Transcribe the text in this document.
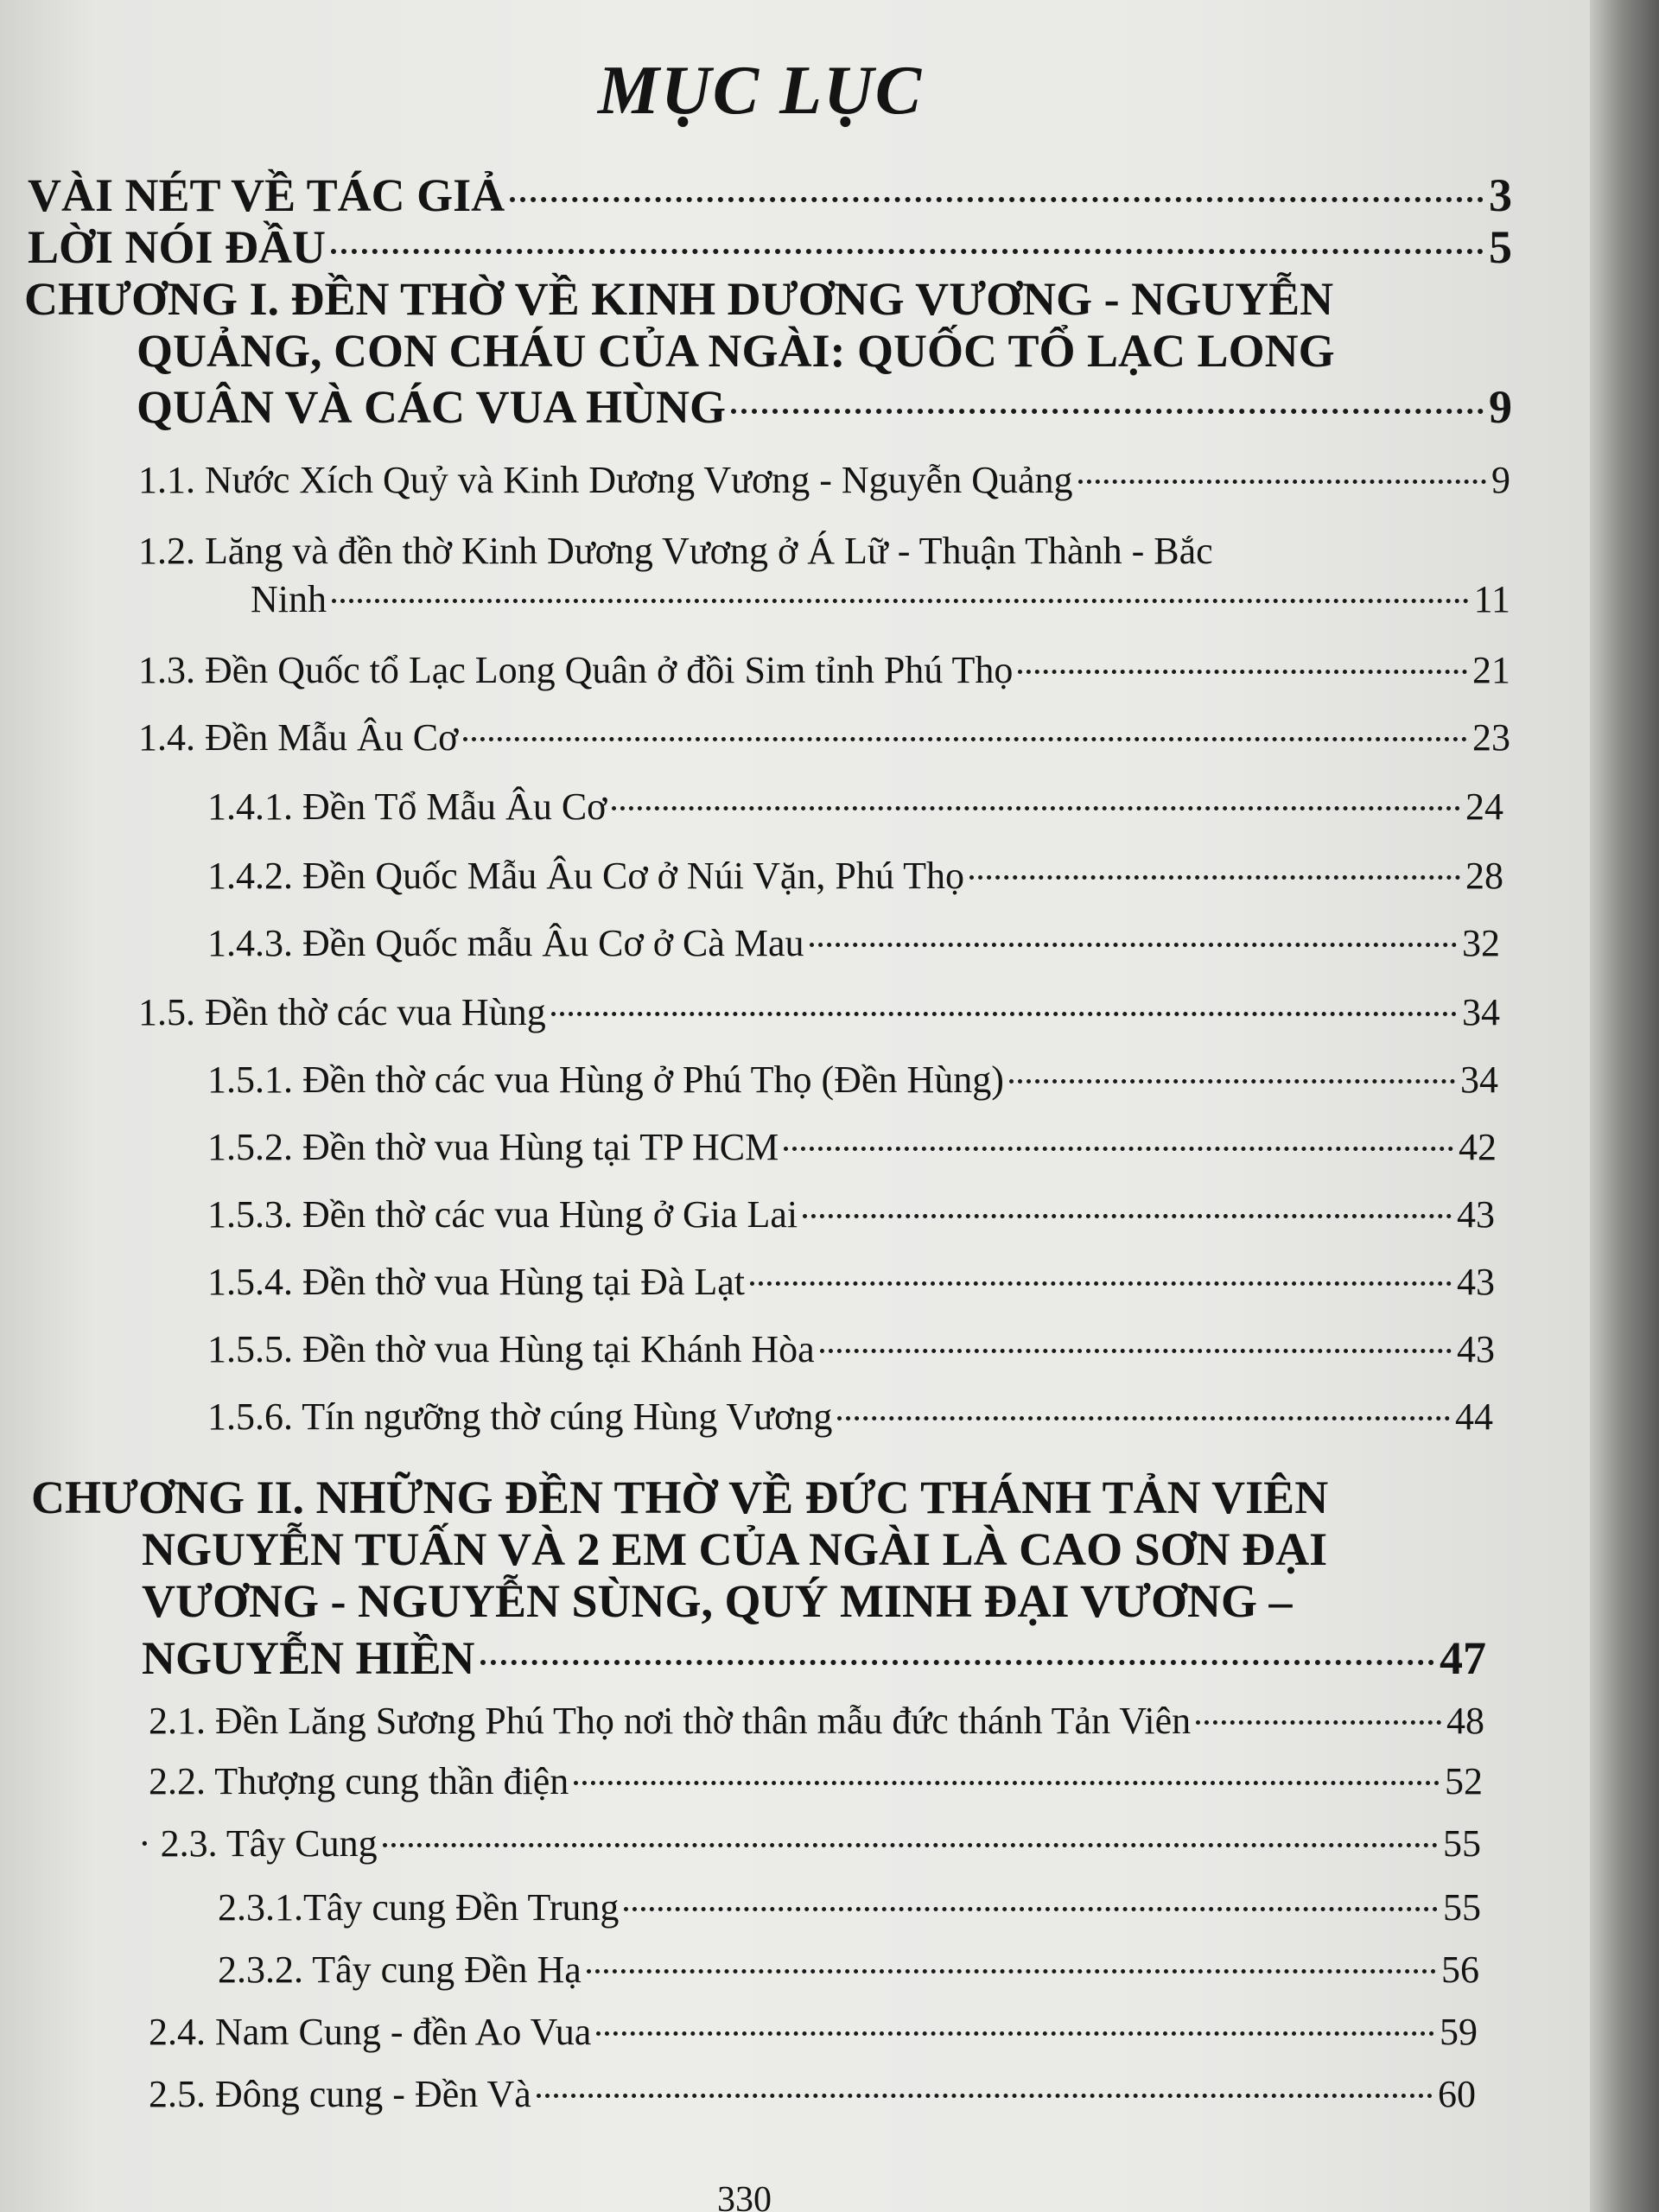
MỤC LỤC
VÀI NÉT VỀ TÁC GIẢ	3
LỜI NÓI ĐẦU	5
CHƯƠNG I. ĐỀN THỜ VỀ KINH DƯƠNG VƯƠNG - NGUYỄN
QUẢNG, CON CHÁU CỦA NGÀI: QUỐC TỔ LẠC LONG
QUÂN VÀ CÁC VUA HÙNG	9
1.1. Nước Xích Quỷ và Kinh Dương Vương - Nguyễn Quảng	9
1.2. Lăng và đền thờ Kinh Dương Vương ở Á Lữ - Thuận Thành - Bắc
Ninh	11
1.3. Đền Quốc tổ Lạc Long Quân ở đồi Sim tỉnh Phú Thọ	21
1.4. Đền Mẫu Âu Cơ	23
1.4.1. Đền Tổ Mẫu Âu Cơ	24
1.4.2. Đền Quốc Mẫu Âu Cơ ở Núi Vặn, Phú Thọ	28
1.4.3. Đền Quốc mẫu Âu Cơ ở Cà Mau	32
1.5. Đền thờ các vua Hùng	34
1.5.1. Đền thờ các vua Hùng ở Phú Thọ (Đền Hùng)	34
1.5.2. Đền thờ vua Hùng tại TP HCM	42
1.5.3. Đền thờ các vua Hùng ở Gia Lai	43
1.5.4. Đền thờ vua Hùng tại Đà Lạt	43
1.5.5. Đền thờ vua Hùng tại Khánh Hòa	43
1.5.6. Tín ngưỡng thờ cúng Hùng Vương	44
CHƯƠNG II. NHỮNG ĐỀN THỜ VỀ ĐỨC THÁNH TẢN VIÊN
NGUYỄN TUẤN VÀ 2 EM CỦA NGÀI LÀ CAO SƠN ĐẠI
VƯƠNG - NGUYỄN SÙNG, QUÝ MINH ĐẠI VƯƠNG –
NGUYỄN HIỀN	47
2.1. Đền Lăng Sương Phú Thọ nơi thờ thân mẫu đức thánh Tản Viên	48
2.2. Thượng cung thần điện	52
· 2.3. Tây Cung	55
2.3.1.Tây cung Đền Trung	55
2.3.2. Tây cung Đền Hạ	56
2.4. Nam Cung - đền Ao Vua	59
2.5. Đông cung - Đền Và	60
330
